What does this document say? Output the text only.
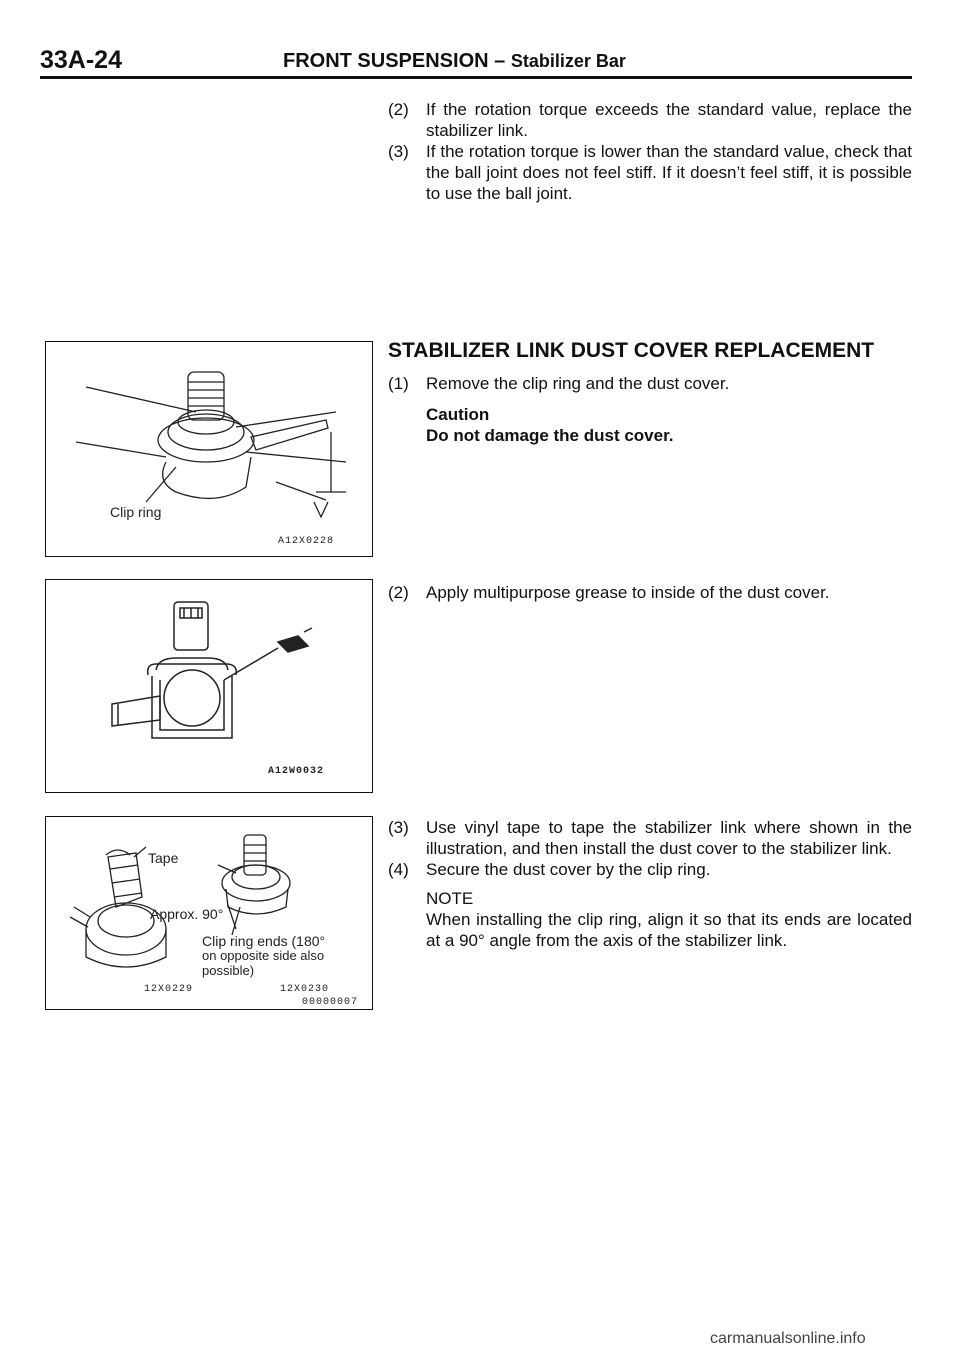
33A-24	FRONT SUSPENSION – Stabilizer Bar

(2) If the rotation torque exceeds the standard value, replace the stabilizer link.

(3) If the rotation torque is lower than the standard value, check that the ball joint does not feel stiff. If it doesn’t feel stiff, it is possible to use the ball joint.

STABILIZER LINK DUST COVER REPLACEMENT

(1) Remove the clip ring and the dust cover.

Caution
Do not damage the dust cover.

(2) Apply multipurpose grease to inside of the dust cover.

(3) Use vinyl tape to tape the stabilizer link where shown in the illustration, and then install the dust cover to the stabilizer link.

(4) Secure the dust cover by the clip ring.

NOTE
When installing the clip ring, align it so that its ends are located at a 90° angle from the axis of the stabilizer link.
Clip ring
A12X0228
A12W0032
Tape
Approx. 90°
Clip ring ends (180°
on opposite side also
possible)
12X0229	12X0230
00000007
carmanualsonline.info
